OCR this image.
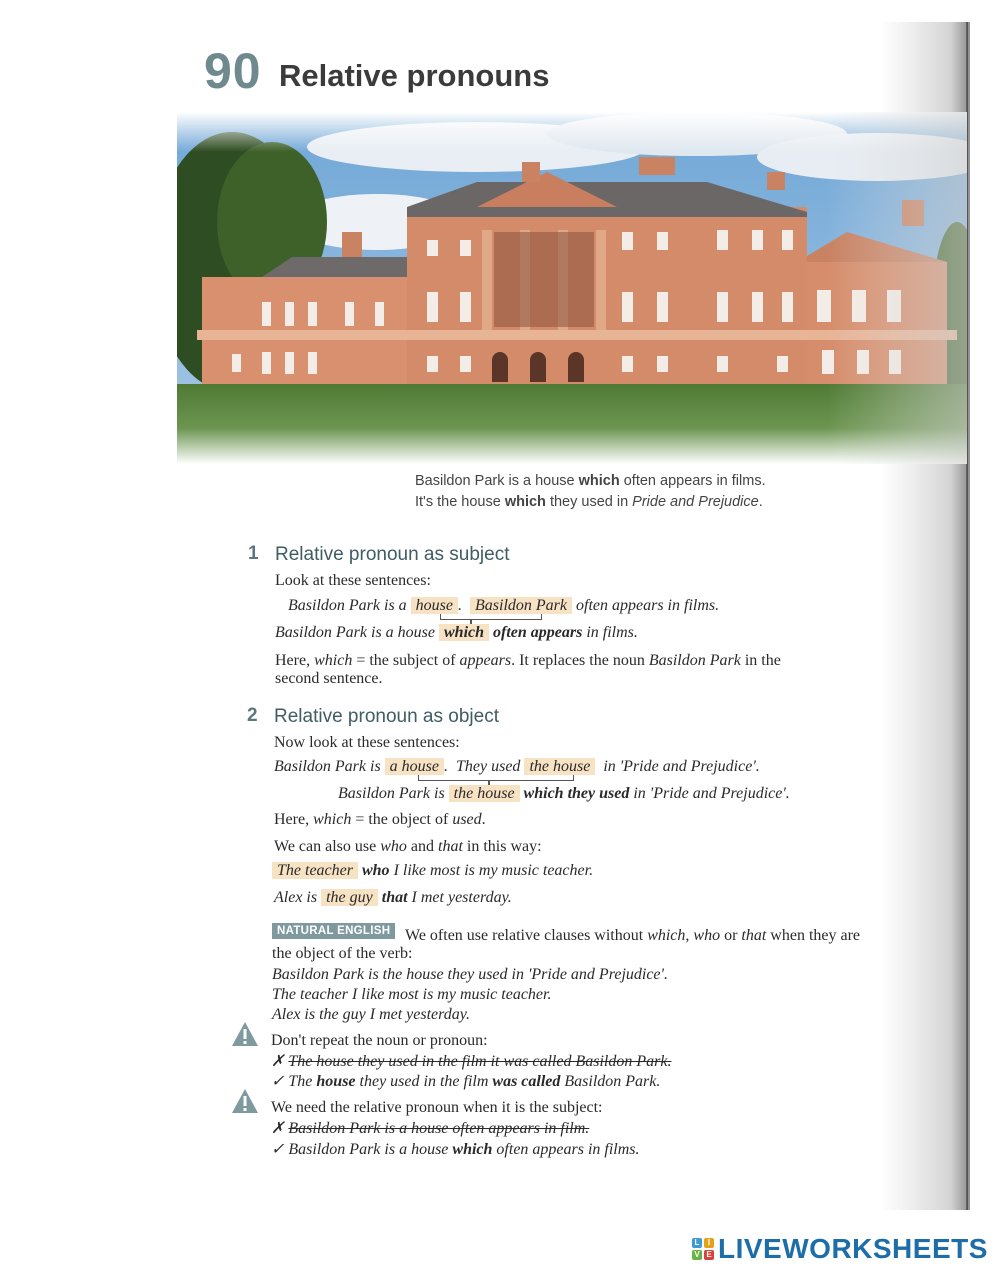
90 Relative pronouns
Basildon Park is a house which often appears in films.
It's the house which they used in Pride and Prejudice.
1 Relative pronoun as subject
Look at these sentences:
Basildon Park is a house . Basildon Park often appears in films.
Basildon Park is a house which often appears in films.
Here, which = the subject of appears. It replaces the noun Basildon Park in the
second sentence.
2 Relative pronoun as object
Now look at these sentences:
Basildon Park is a house . They used the house  in 'Pride and Prejudice'.
Basildon Park is the house which they used in 'Pride and Prejudice'.
Here, which = the object of used.
We can also use who and that in this way:
The teacher who I like most is my music teacher.
Alex is the guy that I met yesterday.
NATURAL ENGLISH We often use relative clauses without which, who or that when they are
the object of the verb:
Basildon Park is the house they used in 'Pride and Prejudice'.
The teacher I like most is my music teacher.
Alex is the guy I met yesterday.
Don't repeat the noun or pronoun:
✗ The house they used in the film it was called Basildon Park.
✓ The house they used in the film was called Basildon Park.
We need the relative pronoun when it is the subject:
✗ Basildon Park is a house often appears in film.
✓ Basildon Park is a house which often appears in films.
L	I
V E LIVEWORKSHEETS
